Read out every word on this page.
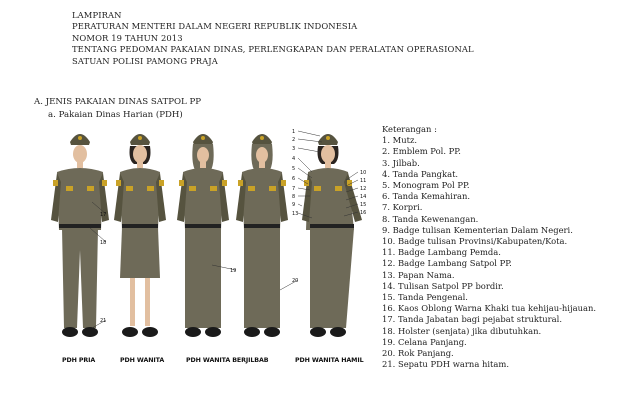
LAMPIRAN
PERATURAN MENTERI DALAM NEGERI REPUBLIK INDONESIA
NOMOR 19 TAHUN 2013
TENTANG PEDOMAN PAKAIAN DINAS, PERLENGKAPAN DAN PERALATAN OPERASIONAL
SATUAN POLISI PAMONG PRAJA
A. JENIS PAKAIAN DINAS SATPOL PP
a. Pakaian Dinas Harian (PDH)
1
2
3
4
5
6
7
8
9
10
11
12
13
14
15
16
17
18
19
20
21
PDH PRIA	PDH WANITA	PDH WANITA BERJILBAB	PDH WANITA HAMIL
Keterangan :
1. Mutz.
2. Emblem Pol. PP.
3. Jilbab.
4. Tanda Pangkat.
5. Monogram Pol PP.
6. Tanda Kemahiran.
7. Korpri.
8. Tanda Kewenangan.
9. Badge tulisan Kementerian Dalam Negeri.
10. Badge tulisan Provinsi/Kabupaten/Kota.
11. Badge Lambang Pemda.
12. Badge Lambang Satpol PP.
13. Papan Nama.
14. Tulisan Satpol PP bordir.
15. Tanda Pengenal.
16. Kaos Oblong Warna Khaki tua kehijau-hijauan.
17. Tanda Jabatan bagi pejabat struktural.
18. Holster (senjata) jika dibutuhkan.
19. Celana Panjang.
20. Rok Panjang.
21. Sepatu PDH warna hitam.
